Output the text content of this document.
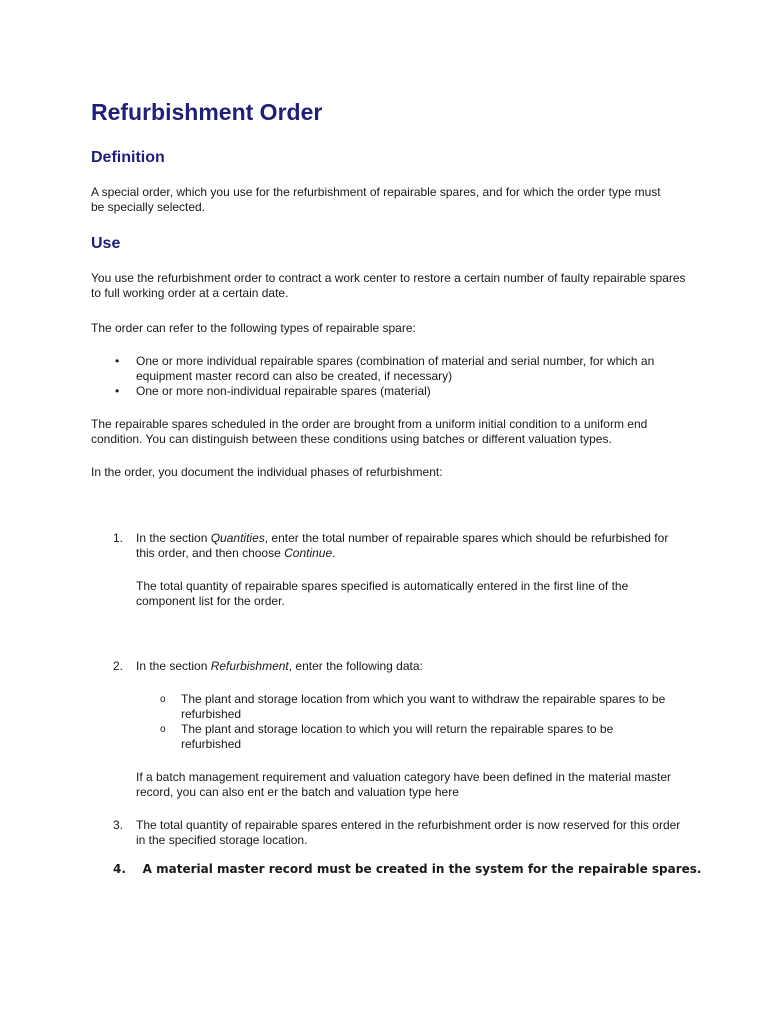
Refurbishment Order
Definition

A special order, which you use for the refurbishment of repairable spares, and for which the order type must be specially selected.

Use

You use the refurbishment order to contract a work center to restore a certain number of faulty repairable spares to full working order at a certain date.

The order can refer to the following types of repairable spare:

• One or more individual repairable spares (combination of material and serial number, for which an equipment master record can also be created, if necessary)

• One or more non-individual repairable spares (material)

The repairable spares scheduled in the order are brought from a uniform initial condition to a uniform end condition. You can distinguish between these conditions using batches or different valuation types.

In the order, you document the individual phases of refurbishment:

1. In the section Quantities, enter the total number of repairable spares which should be refurbished for this order, and then choose Continue.

The total quantity of repairable spares specified is automatically entered in the first line of the component list for the order.

2. In the section Refurbishment, enter the following data:

o The plant and storage location from which you want to withdraw the repairable spares to be refurbished

o The plant and storage location to which you will return the repairable spares to be refurbished

If a batch management requirement and valuation category have been defined in the material master record, you can also ent er the batch and valuation type here

3. The total quantity of repairable spares entered in the refurbishment order is now reserved for this order in the specified storage location.

4. A material master record must be created in the system for the repairable spares.
